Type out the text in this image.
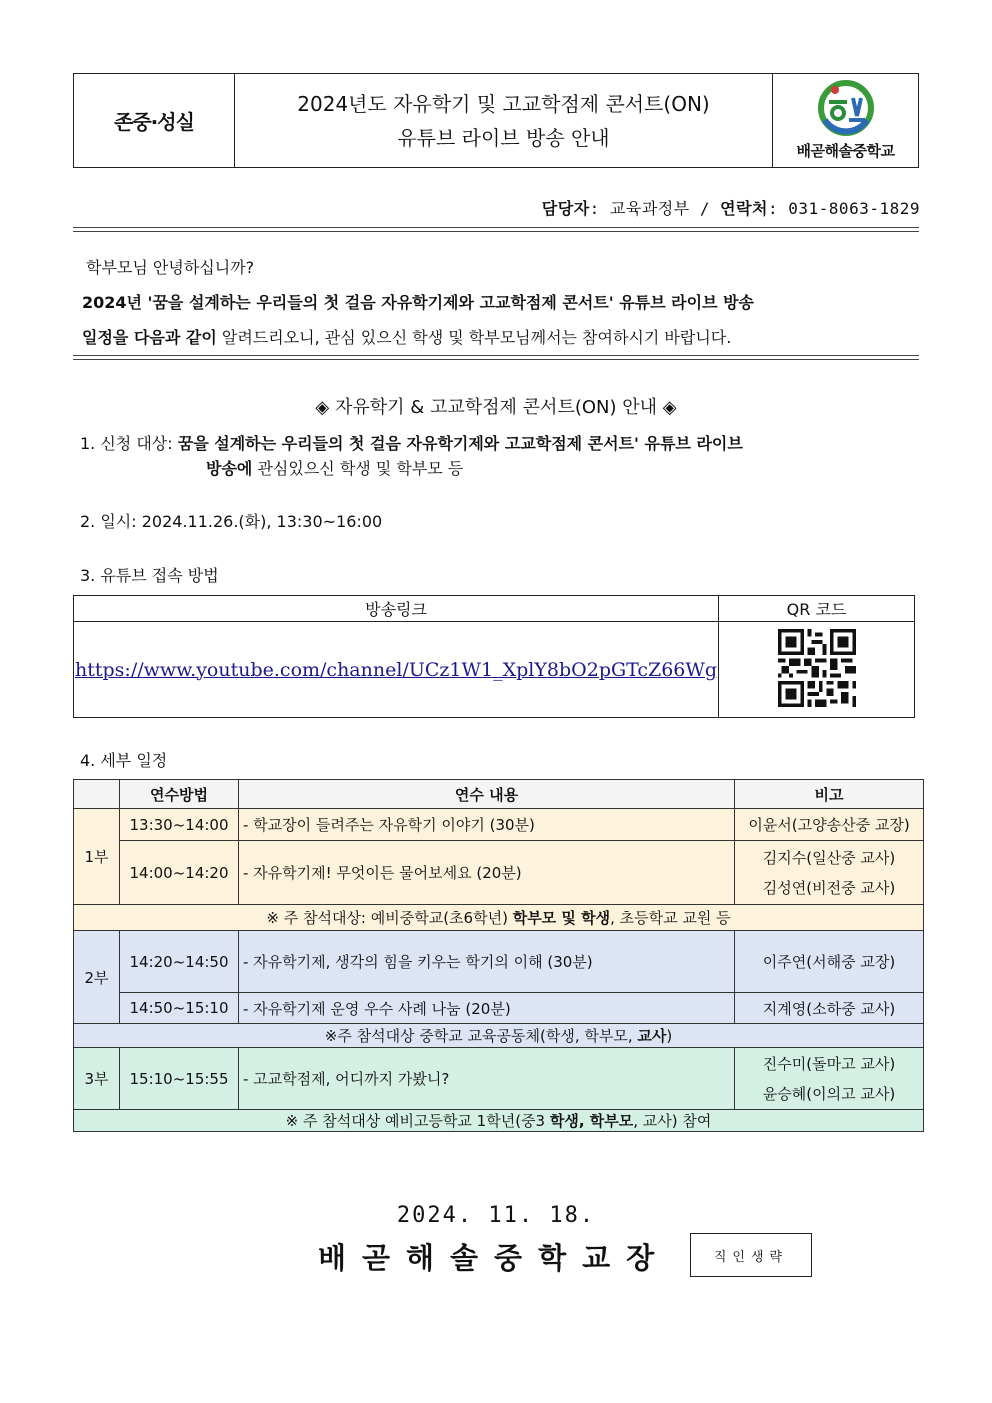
존중·성실
2024년도 자유학기 및 고교학점제 콘서트(ON)
유튜브 라이브 방송 안내
배곧해솔중학교
담당자: 교육과정부 / 연락처: 031-8063-1829
학부모님 안녕하십니까?
2024년 '꿈을 설계하는 우리들의 첫 걸음 자유학기제와 고교학점제 콘서트' 유튜브 라이브 방송
일정을 다음과 같이 알려드리오니, 관심 있으신 학생 및 학부모님께서는 참여하시기 바랍니다.
◈ 자유학기 & 고교학점제 콘서트(ON) 안내 ◈
1. 신청 대상: 꿈을 설계하는 우리들의 첫 걸음 자유학기제와 고교학점제 콘서트' 유튜브 라이브
방송에 관심있으신 학생 및 학부모 등
2. 일시: 2024.11.26.(화), 13:30~16:00
3. 유튜브 접속 방법
방송링크	QR 코드
https://www.youtube.com/channel/UCz1W1_XplY8bO2pGTcZ66Wg	
4. 세부 일정
	연수방법	연수 내용	비고
1부	13:30~14:00	- 학교장이 들려주는 자유학기 이야기 (30분)	이윤서(고양송산중 교장)
	14:00~14:20	- 자유학기제! 무엇이든 물어보세요 (20분)	김지수(일산중 교사)
김성연(비전중 교사)

※ 주 참석대상: 예비중학교(초6학년) 학부모 및 학생, 초등학교 교원 등			
2부	14:20~14:50	- 자유학기제, 생각의 힘을 키우는 학기의 이해 (30분)	이주연(서해중 교장)
	14:50~15:10	- 자유학기제 운영 우수 사례 나눔 (20분)	지계영(소하중 교사)
※주 참석대상 중학교 교육공동체(학생, 학부모, 교사)			
3부	15:10~15:55	- 고교학점제, 어디까지 가봤니?	진수미(돌마고 교사)
윤승혜(이의고 교사)

※ 주 참석대상 예비고등학교 1학년(중3 학생, 학부모, 교사) 참여			
2024. 11. 18.
배곧해솔중학교장	직인생략
